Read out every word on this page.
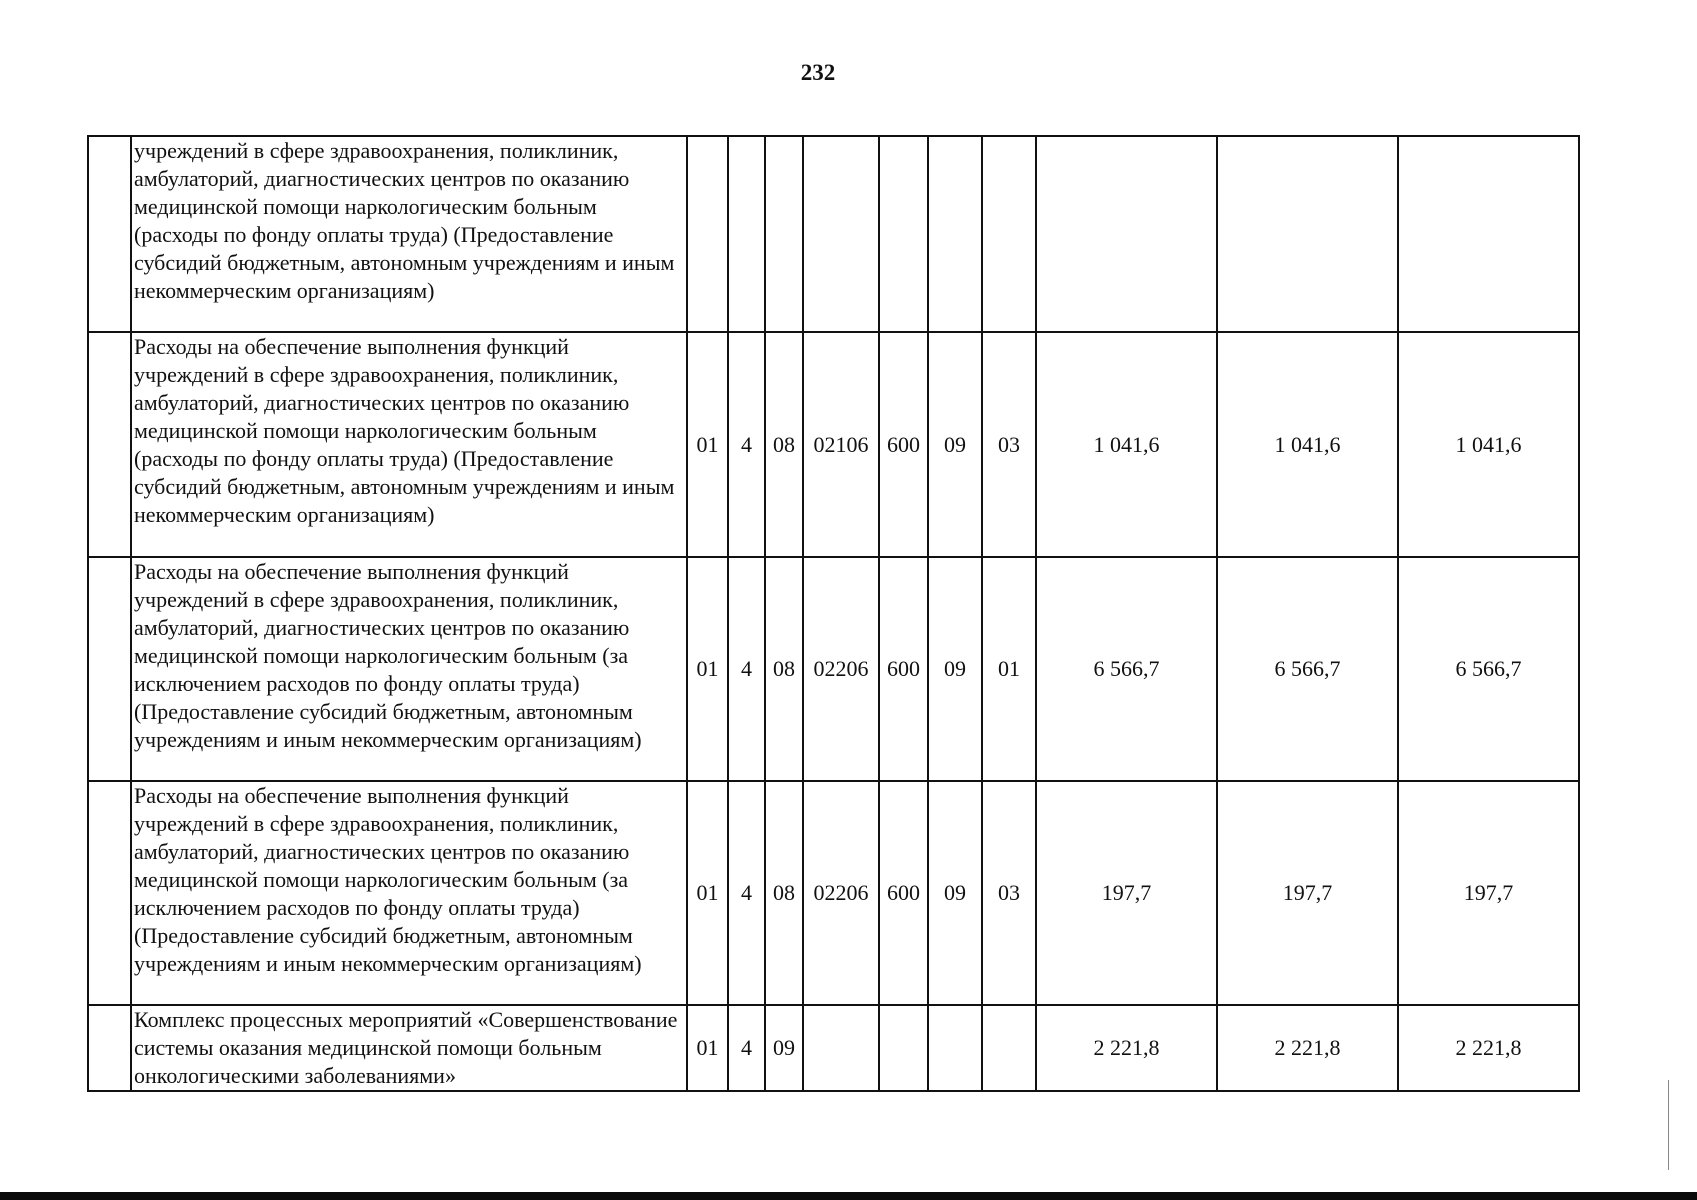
232
	учреждений в сфере здравоохранения, поликлиник, амбулаторий, диагностических центров по оказанию медицинской помощи наркологическим больным (расходы по фонду оплаты труда) (Предоставление субсидий бюджетным, автономным учреждениям и иным некоммерческим организациям)										
	Расходы на обеспечение выполнения функций учреждений в сфере здравоохранения, поликлиник, амбулаторий, диагностических центров по оказанию медицинской помощи наркологическим больным (расходы по фонду оплаты труда) (Предоставление субсидий бюджетным, автономным учреждениям и иным некоммерческим организациям)	01	4	08	02106	600	09	03	1 041,6	1 041,6	1 041,6
	Расходы на обеспечение выполнения функций учреждений в сфере здравоохранения, поликлиник, амбулаторий, диагностических центров по оказанию медицинской помощи наркологическим больным (за исключением расходов по фонду оплаты труда) (Предоставление субсидий бюджетным, автономным учреждениям и иным некоммерческим организациям)	01	4	08	02206	600	09	01	6 566,7	6 566,7	6 566,7
	Расходы на обеспечение выполнения функций учреждений в сфере здравоохранения, поликлиник, амбулаторий, диагностических центров по оказанию медицинской помощи наркологическим больным (за исключением расходов по фонду оплаты труда) (Предоставление субсидий бюджетным, автономным учреждениям и иным некоммерческим организациям)	01	4	08	02206	600	09	03	197,7	197,7	197,7
	Комплекс процессных мероприятий «Совершенствование системы оказания медицинской помощи больным онкологическими заболеваниями»	01	4	09					2 221,8	2 221,8	2 221,8
